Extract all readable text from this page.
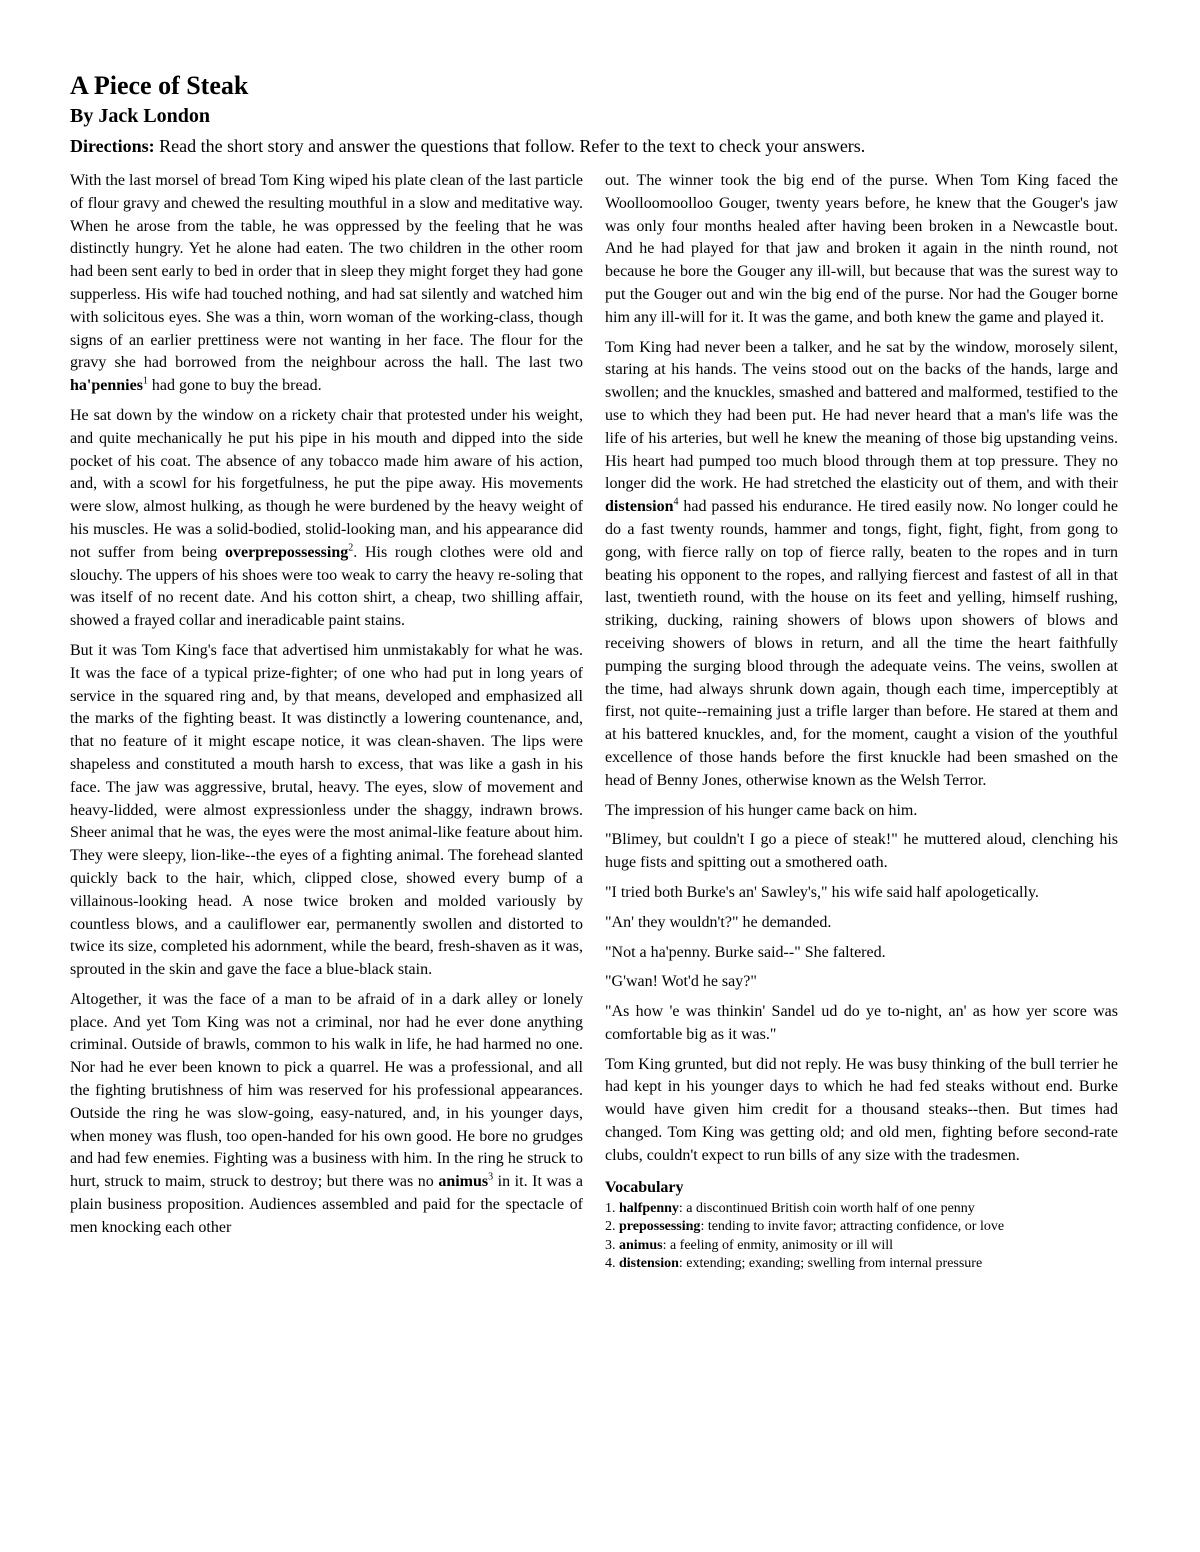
A Piece of Steak
By Jack London

Directions: Read the short story and answer the questions that follow. Refer to the text to check your answers.

With the last morsel of bread Tom King wiped his plate clean of the last particle of flour gravy and chewed the resulting mouthful in a slow and meditative way. When he arose from the table, he was oppressed by the feeling that he was distinctly hungry. Yet he alone had eaten. The two children in the other room had been sent early to bed in order that in sleep they might forget they had gone supperless. His wife had touched nothing, and had sat silently and watched him with solicitous eyes. She was a thin, worn woman of the working-class, though signs of an earlier prettiness were not wanting in her face. The flour for the gravy she had borrowed from the neighbour across the hall. The last two ha'pennies$^1$ had gone to buy the bread.

He sat down by the window on a rickety chair that protested under his weight, and quite mechanically he put his pipe in his mouth and dipped into the side pocket of his coat. The absence of any tobacco made him aware of his action, and, with a scowl for his forgetfulness, he put the pipe away. His movements were slow, almost hulking, as though he were burdened by the heavy weight of his muscles. He was a solid-bodied, stolid-looking man, and his appearance did not suffer from being overprepossessing$^2$. His rough clothes were old and slouchy. The uppers of his shoes were too weak to carry the heavy re-soling that was itself of no recent date. And his cotton shirt, a cheap, two shilling affair, showed a frayed collar and ineradicable paint stains.

But it was Tom King's face that advertised him unmistakably for what he was. It was the face of a typical prize-fighter; of one who had put in long years of service in the squared ring and, by that means, developed and emphasized all the marks of the fighting beast. It was distinctly a lowering countenance, and, that no feature of it might escape notice, it was clean-shaven. The lips were shapeless and constituted a mouth harsh to excess, that was like a gash in his face. The jaw was aggressive, brutal, heavy. The eyes, slow of movement and heavy-lidded, were almost expressionless under the shaggy, indrawn brows. Sheer animal that he was, the eyes were the most animal-like feature about him. They were sleepy, lion-like--the eyes of a fighting animal. The forehead slanted quickly back to the hair, which, clipped close, showed every bump of a villainous-looking head. A nose twice broken and molded variously by countless blows, and a cauliflower ear, permanently swollen and distorted to twice its size, completed his adornment, while the beard, fresh-shaven as it was, sprouted in the skin and gave the face a blue-black stain.

Altogether, it was the face of a man to be afraid of in a dark alley or lonely place. And yet Tom King was not a criminal, nor had he ever done anything criminal. Outside of brawls, common to his walk in life, he had harmed no one. Nor had he ever been known to pick a quarrel. He was a professional, and all the fighting brutishness of him was reserved for his professional appearances. Outside the ring he was slow-going, easy-natured, and, in his younger days, when money was flush, too open-handed for his own good. He bore no grudges and had few enemies. Fighting was a business with him. In the ring he struck to hurt, struck to maim, struck to destroy; but there was no animus$^3$ in it. It was a plain business proposition. Audiences assembled and paid for the spectacle of men knocking each other

out. The winner took the big end of the purse. When Tom King faced the Woolloomoolloo Gouger, twenty years before, he knew that the Gouger's jaw was only four months healed after having been broken in a Newcastle bout. And he had played for that jaw and broken it again in the ninth round, not because he bore the Gouger any ill-will, but because that was the surest way to put the Gouger out and win the big end of the purse. Nor had the Gouger borne him any ill-will for it. It was the game, and both knew the game and played it.

Tom King had never been a talker, and he sat by the window, morosely silent, staring at his hands. The veins stood out on the backs of the hands, large and swollen; and the knuckles, smashed and battered and malformed, testified to the use to which they had been put. He had never heard that a man's life was the life of his arteries, but well he knew the meaning of those big upstanding veins. His heart had pumped too much blood through them at top pressure. They no longer did the work. He had stretched the elasticity out of them, and with their distension$^4$ had passed his endurance. He tired easily now. No longer could he do a fast twenty rounds, hammer and tongs, fight, fight, fight, from gong to gong, with fierce rally on top of fierce rally, beaten to the ropes and in turn beating his opponent to the ropes, and rallying fiercest and fastest of all in that last, twentieth round, with the house on its feet and yelling, himself rushing, striking, ducking, raining showers of blows upon showers of blows and receiving showers of blows in return, and all the time the heart faithfully pumping the surging blood through the adequate veins. The veins, swollen at the time, had always shrunk down again, though each time, imperceptibly at first, not quite--remaining just a trifle larger than before. He stared at them and at his battered knuckles, and, for the moment, caught a vision of the youthful excellence of those hands before the first knuckle had been smashed on the head of Benny Jones, otherwise known as the Welsh Terror.

The impression of his hunger came back on him.

"Blimey, but couldn't I go a piece of steak!" he muttered aloud, clenching his huge fists and spitting out a smothered oath.

"I tried both Burke's an' Sawley's," his wife said half apologetically.

"An' they wouldn't?" he demanded.

"Not a ha'penny. Burke said--" She faltered.

"G'wan! Wot'd he say?"

"As how 'e was thinkin' Sandel ud do ye to-night, an' as how yer score was comfortable big as it was."

Tom King grunted, but did not reply. He was busy thinking of the bull terrier he had kept in his younger days to which he had fed steaks without end. Burke would have given him credit for a thousand steaks--then. But times had changed. Tom King was getting old; and old men, fighting before second-rate clubs, couldn't expect to run bills of any size with the tradesmen.

Vocabulary
1. halfpenny: a discontinued British coin worth half of one penny
2. prepossessing: tending to invite favor; attracting confidence, or love
3. animus: a feeling of enmity, animosity or ill will
4. distension: extending; exanding; swelling from internal pressure
